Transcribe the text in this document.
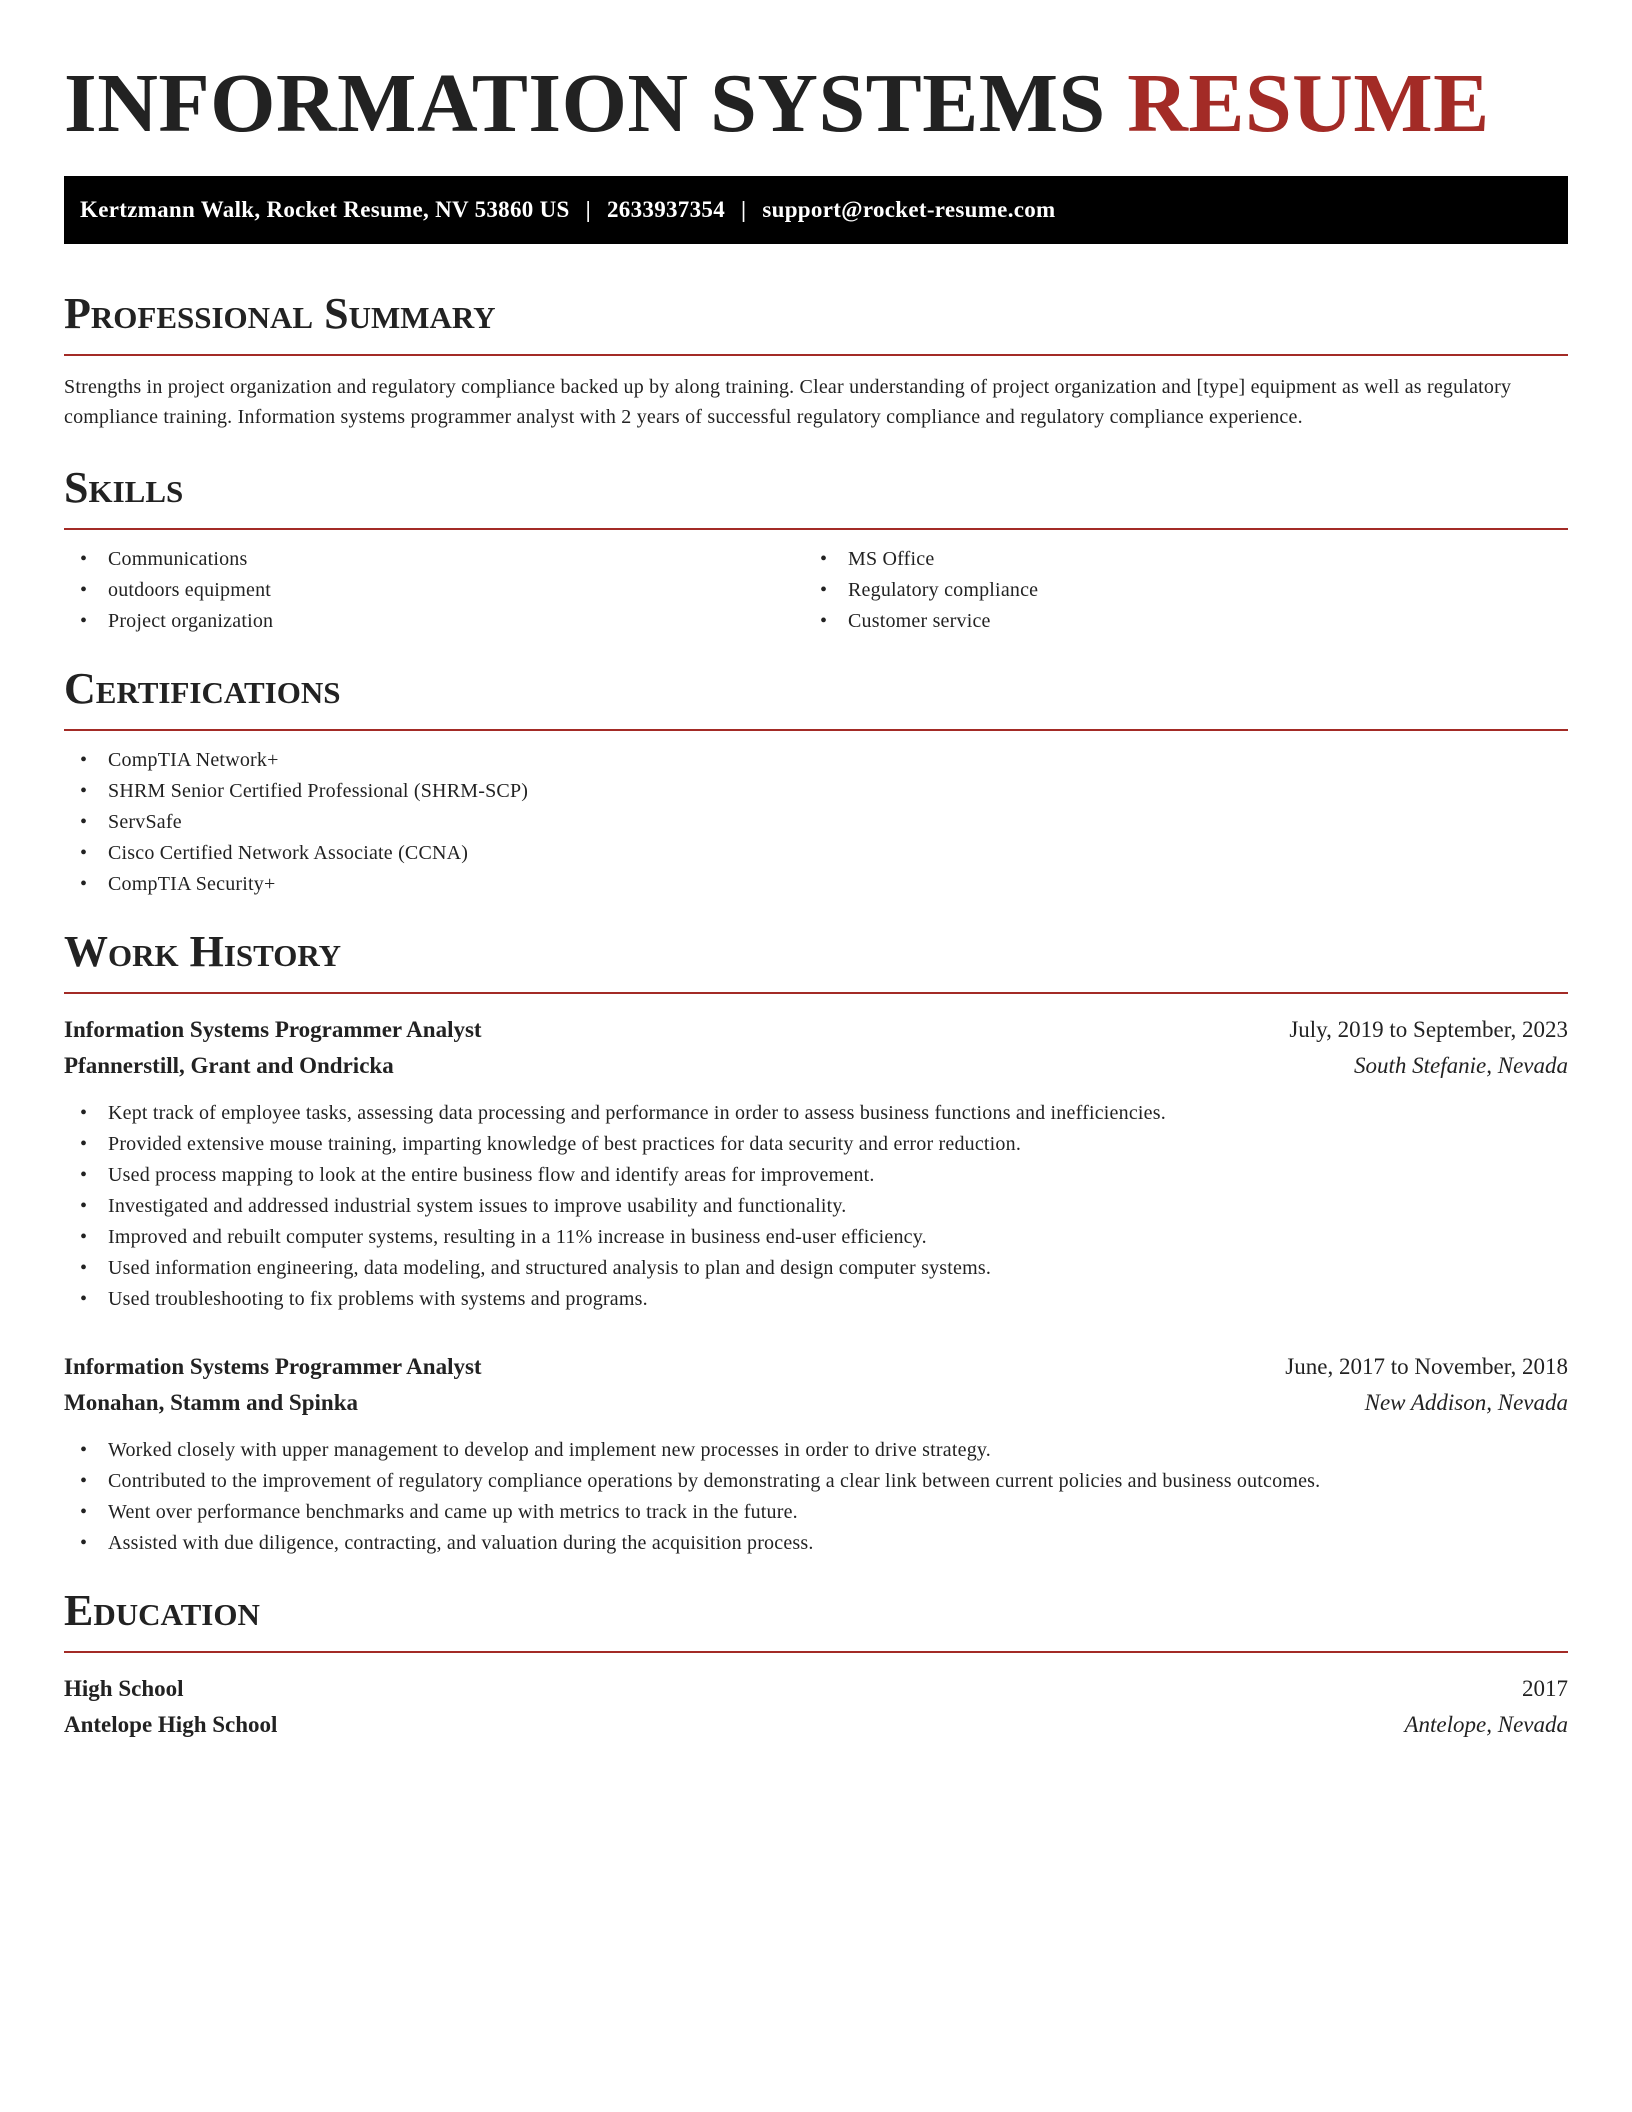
INFORMATION SYSTEMS RESUME
Kertzmann Walk, Rocket Resume, NV 53860 US | 2633937354 | support@rocket-resume.com
Professional Summary

Strengths in project organization and regulatory compliance backed up by along training. Clear understanding of project organization and [type] equipment as well as regulatory compliance training. Information systems programmer analyst with 2 years of successful regulatory compliance and regulatory compliance experience.

Skills
• Communications
• outdoors equipment
• Project organization
• MS Office
• Regulatory compliance
• Customer service
Certifications
• CompTIA Network+
• SHRM Senior Certified Professional (SHRM-SCP)
• ServSafe
• Cisco Certified Network Associate (CCNA)
• CompTIA Security+
Work History
Information Systems Programmer Analyst	July, 2019 to September, 2023
Pfannerstill, Grant and Ondricka	South Stefanie, Nevada
• Kept track of employee tasks, assessing data processing and performance in order to assess business functions and inefficiencies.
• Provided extensive mouse training, imparting knowledge of best practices for data security and error reduction.
• Used process mapping to look at the entire business flow and identify areas for improvement.
• Investigated and addressed industrial system issues to improve usability and functionality.
• Improved and rebuilt computer systems, resulting in a 11% increase in business end-user efficiency.
• Used information engineering, data modeling, and structured analysis to plan and design computer systems.
• Used troubleshooting to fix problems with systems and programs.
Information Systems Programmer Analyst	June, 2017 to November, 2018
Monahan, Stamm and Spinka	New Addison, Nevada
• Worked closely with upper management to develop and implement new processes in order to drive strategy.
• Contributed to the improvement of regulatory compliance operations by demonstrating a clear link between current policies and business outcomes.
• Went over performance benchmarks and came up with metrics to track in the future.
• Assisted with due diligence, contracting, and valuation during the acquisition process.
Education
High School	2017
Antelope High School	Antelope, Nevada
